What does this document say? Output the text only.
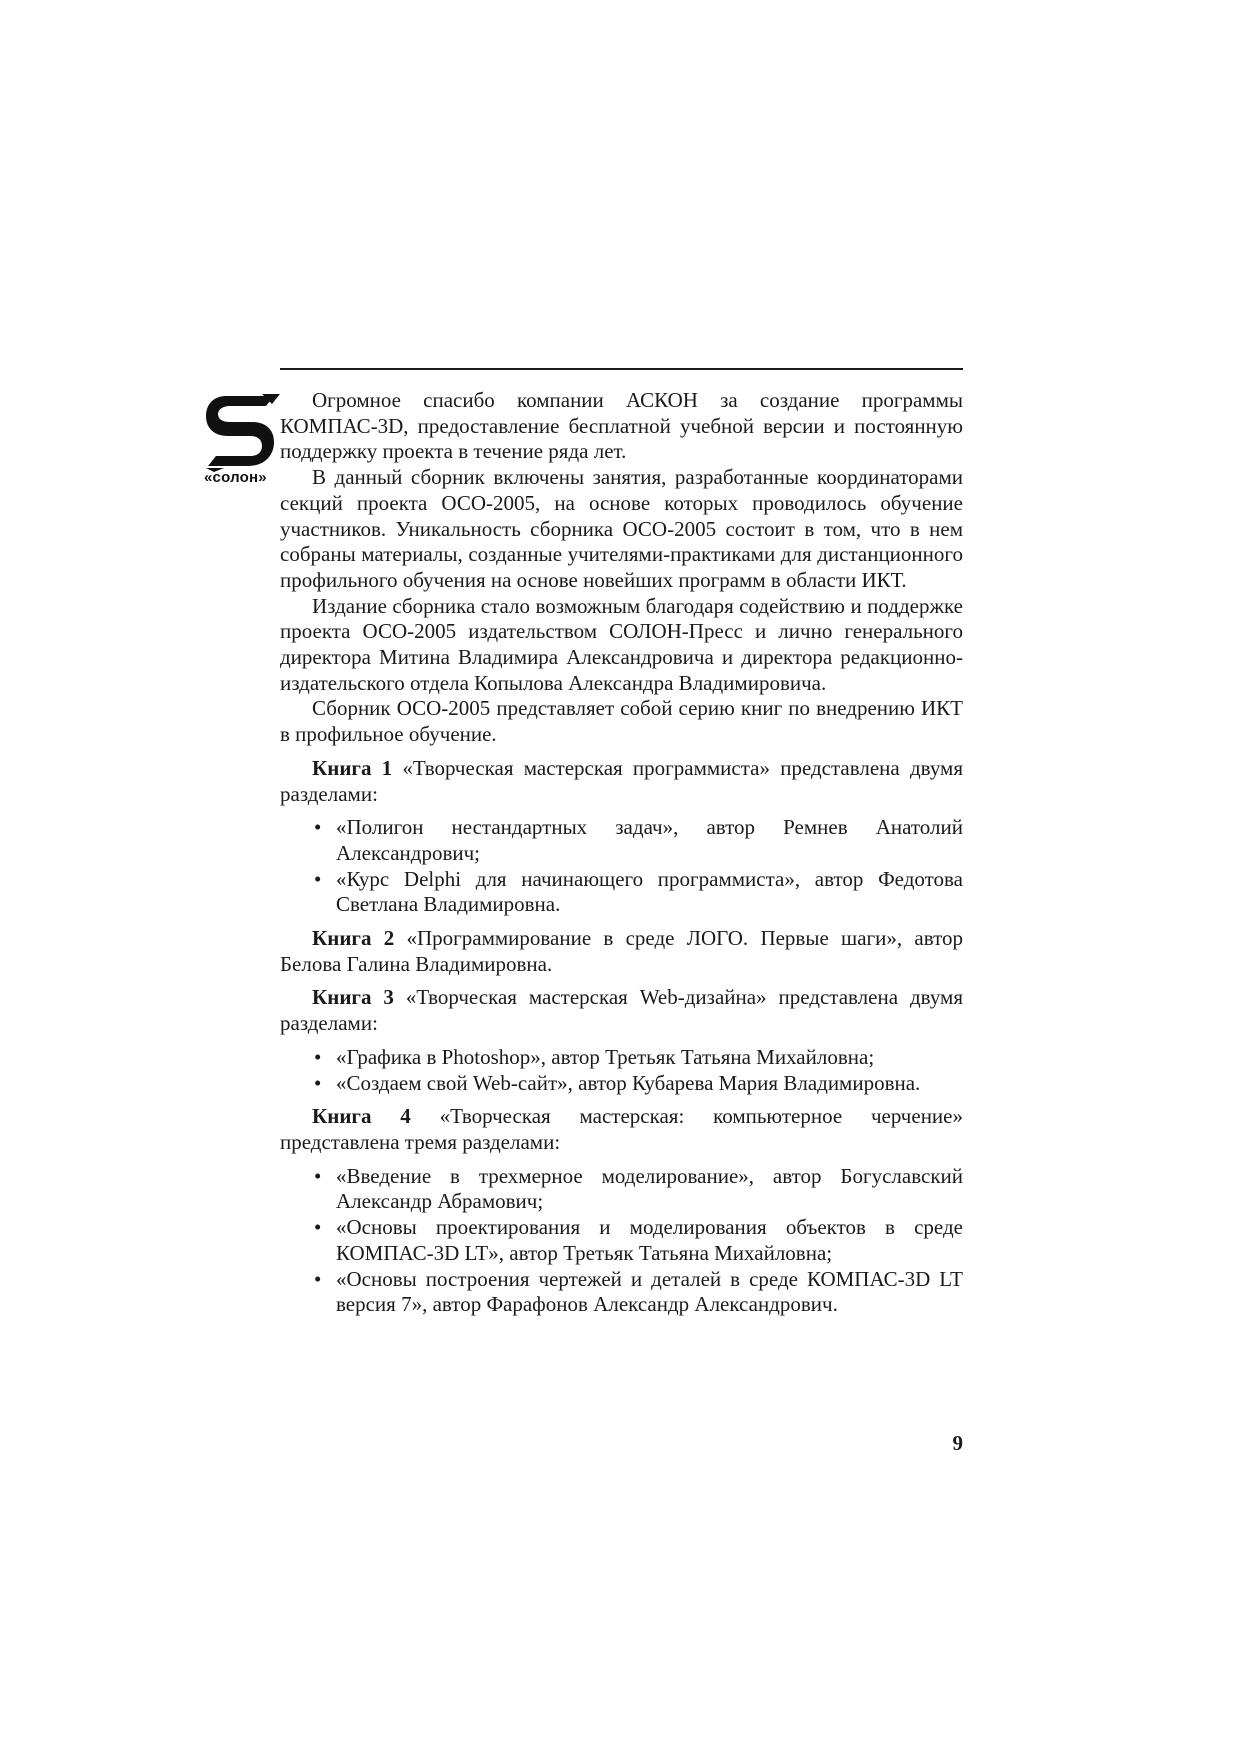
«солон»

Огромное спасибо компании АСКОН за создание программы КОМПАС-3D, предоставление бесплатной учебной версии и постоянную поддержку проекта в течение ряда лет.

В данный сборник включены занятия, разработанные координаторами секций проекта ОСО-2005, на основе которых проводилось обучение участников. Уникальность сборника ОСО-2005 состоит в том, что в нем собраны материалы, созданные учителями-практиками для дистанционного профильного обучения на основе новейших программ в области ИКТ.

Издание сборника стало возможным благодаря содействию и поддержке проекта ОСО-2005 издательством СОЛОН-Пресс и лично генерального директора Митина Владимира Александровича и директора редакционно-издательского отдела Копылова Александра Владимировича.

Сборник ОСО-2005 представляет собой серию книг по внедрению ИКТ в профильное обучение.

Книга 1 «Творческая мастерская программиста» представлена двумя разделами:

• «Полигон нестандартных задач», автор Ремнев Анатолий Александрович;
• «Курс Delphi для начинающего программиста», автор Федотова Светлана Владимировна.

Книга 2 «Программирование в среде ЛОГО. Первые шаги», автор Белова Галина Владимировна.

Книга 3 «Творческая мастерская Web-дизайна» представлена двумя разделами:

• «Графика в Photoshop», автор Третьяк Татьяна Михайловна;
• «Создаем свой Web-сайт», автор Кубарева Мария Владимировна.

Книга 4 «Творческая мастерская: компьютерное черчение» представлена тремя разделами:

• «Введение в трехмерное моделирование», автор Богуславский Александр Абрамович;
• «Основы проектирования и моделирования объектов в среде КОМПАС-3D LT», автор Третьяк Татьяна Михайловна;
• «Основы построения чертежей и деталей в среде КОМПАС-3D LT версия 7», автор Фарафонов Александр Александрович.
9
